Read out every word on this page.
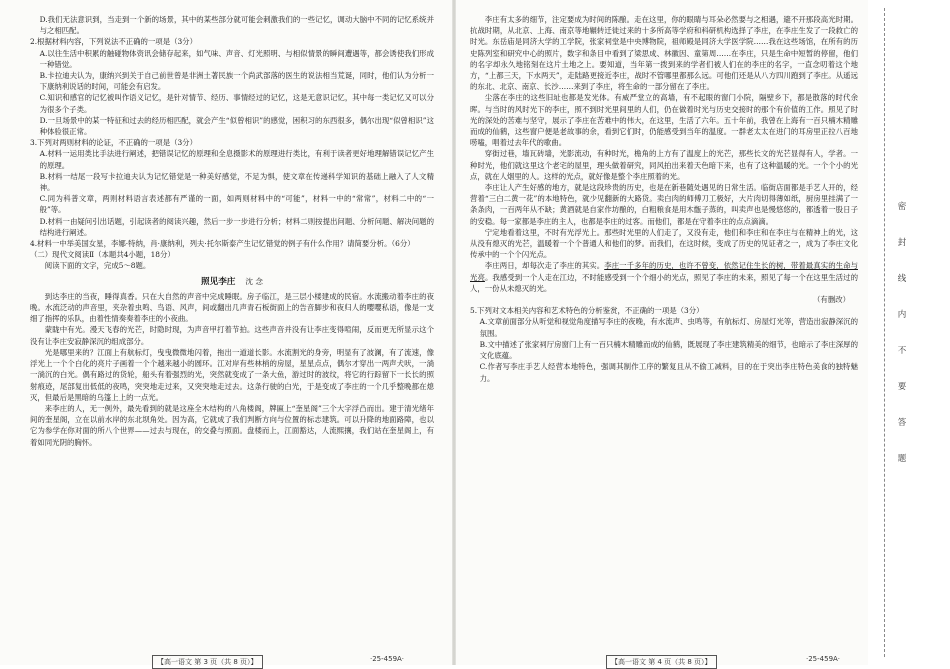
D.我们无法意识到，当走到一个新的场景，其中的某些部分就可能会刺激我们的一些记忆，调动大脑中不同的记忆系统并与之相匹配。

2.根据材料内容，下列说法不正确的一项是（3分）

A.以往生活中积累的触碰物体资讯会储存起来，如气味、声音、灯光照明、与相似情景的瞬间遭遇等，都会诱使我们形成一种错觉。

B.卡拉迪夫认为，康纳兴到关于自己前世曾是非洲土著民族一个尚武部落的医生的说法相当荒诞，同时，他们认为分析一下康纳利说话的时间，可能会有启发。

C.知识和感官的记忆被叫作语义记忆，是针对情节、经历、事情经过的记忆，这是无意识记忆，其中每一类记忆又可以分为很多个子类。

D.一旦场景中的某一特征和过去的经历相匹配，就会产生“似曾相识”的感觉，困积习的东西很多，偶尔出现“似曾相识”这种体验很正常。

3.下列对两则材料的论证，不正确的一项是（3分）

A.材料一运用类比手法进行阐述，把错误记忆的原理和全息摄影术的原理进行类比，有利于读者更好地理解错误记忆产生的原理。

B.材料一结尾一段写卡拉迪夫认为记忆错觉是一种美好感觉，不足为惧，使文章在传递科学知识的基础上融入了人文精神。

C.同为科普文章，两则材料语言表述都有严谨的一面，如两则材料中的“可能”，材料一中的“常常”，材料二中的“一般”等。

D.材料一由疑问引出话题，引起读者的阅读兴趣，然后一步一步进行分析；材料二则按提出问题、分析问题、解决问题的结构进行阐述。

4.材料一中举美国女星，李娜·特纳，肖·康纳利，列夫·托尔斯泰产生记忆错觉的例子有什么作用？请简要分析。（6分）

（二）现代文阅读Ⅱ（本题共4小题，18分）

阅读下面的文字，完成5～8题。

照见李庄 沈 念

到达李庄的当夜，睡得真香。只在大自然的声音中完成睡眠。房子临江，是三层小楼建成的民宿。水流搬动着李庄的夜晚。水流泛动的声音里，夹杂着虫鸣、鸟语、风声，间或翻出几声青石板街面上的告音脚步和夜归人的嘤嘤私语，像是一支细了指挥的乐队，由着性情奏奏着李庄的小夜曲。

蒙眬中有光。漫天飞春的光芒，时隐时现，为声音甲打着节拍。这些声音并没有让李庄变得喧闹，反而更无所显示这个没有让李庄安寂静深沉的组成部分。

光是哪里来的？江面上有航标灯，曳曳微微地闪着，拖出一道道长影。水流割光的身旁，明显有了波澜，有了流速，像浮光上一个个白化的亮片子画着一个个越来越小的圆环。江对岸有些林梢的房屋，星星点点，偶尔才穿出一两声犬吠，一淌一淌沉的白光。偶有路过的货轮，船头有着强烈的光，突然就变成了一条大鱼，游过时的波纹，将它的行踪留下一长长的照射痕迹，尾部复出低低的夜鸣，突突地走过来，又突突地走过去。这条行驶的白光，于是变成了李庄的一个几乎整晚都在熄灭，但最后是黑暗的乌篷上上的一点光。

来李庄的人，无一例外，最先看到的就是这座全木结构的八角楼阁，牌匾上“奎星阁”三个大字浮凸而出。建于清光绪年间的奎星阁，立在以前水岸的东北坝角处。因为高，它就成了我们判断方向与位置的标志建筑。可以升降的地面路障，也以它为参学在你对面的所八个世界——过去与现在，的交叠与照面。盘楼而上，江面豁达，人流熙攘，我们站在奎星阁上，有着如同光阴的胸怀。

【高一语文 第 3 页（共 8 页）】	·25-459A·

李庄有太多的细节，注定要成为时间的陈酿。走在这里，你的眼睛与耳朵必然要与之相遇，避不开那段高光时期。抗战时期，从北京、上海、南京等地辗转迁徙过来的十多所高等学府和科研机构选择了李庄，在李庄生发了一段救亡的时光。东岳庙是同济大学的工学院，张家祠堂是中央博物院，祖师殿是同济大学医学院……我在这些场馆，在所有的历史陈列室和研究中心的照片，数字和条目中看到了梁思成、林徽因、童第周……在李庄，只是生命中短暂的停留，他们的名字却永久地铭刻在这片土地之上。要知道，当年第一拨到来的学者们被人们在的李庄的名字，一直念叨着这个地方，“上都三天，下水两天”，走陆路更接近李庄，战时不管哪里都那么远。可他们还是从八方四川跑到了李庄。从遥远的东北、北京、南京、长沙……来到了李庄，将生命的一部分留在了李庄。

尘落在李庄的这些旧址也都是发光体。有威严堂立的高墙，有不起眼的窗门小院，隔壁乡下，都是散落的时代余晖。与当时的风时光下的李庄，照不到时光里间里的人们，仍在做着时光与历史交接时的那个有价值的工作。照见了时光的深处的苦难与坚守，展示了李庄在苦难中的伟大，在这里，生活了六年。五十年前，我曾在上海有一百只楠木精雕而成的仙鹤，这些窗户便是老故事的余，看到它们时，仍能感受到当年的温度。一群老太太在进门的耳房里正拉八百地唠嗑，唱着过去年代的歌曲。

穿街过巷，墙瓦砖墙，光影流动，有种时光，檐角的上方有了温度上的光芒，那些长文的光芒显得有人，学者。一种时光，他们就这里这个老宅的屋里，理头做着研究，同风拍出来着天色暗下来，也有了这种温暖的光。一个个小的光点，就在人烟里的人。这样的光点，就好像是整个李庄照着的光。

李庄让人产生好感的地方，就是这段珍贵的历史，也是在新巷随处遇见的日常生活。临街店面都是手艺人开的，经营着“三白二黄一花”的本地特色，就少见翻新的大路货。卖白肉的师傅刀工极好，大片肉切得薄如纸，厨房里挂满了一条条肉，一百两年从不缺；黄酒就是自家作坊酿的，白粗粮食是用木甑子蒸的，叫卖声也是慢悠悠的，都透着一股日子的安稳。每一家都是李庄的主人，也都是李庄的过客。而他们，都是在守着李庄的点点滴滴。

宁定地看着这里，不时有光浮光上。那些时光里的人们走了，又没有走，他们和李庄和在李庄与在精神上的光，这从没有熄灭的光芒，温暖着一个个普通人和他们的梦。而我们，在这时候，变成了历史的见证者之一，成为了李庄文化传承中的一个个闪光点。

李庄两日，却每次走了李庄的其实。李庄一千多年的历史，也许不曾变，依然记住生长的树，带着最真实的生命与光亮。我感受到一个人走在江边，不时能感受到一个个细小的光点，照见了李庄的未来，照见了每一个在这里生活过的人，一份从未熄灭的光。

（有删改）

5.下列对文本相关内容和艺术特色的分析鉴赏，不正确的一项是（3分）

A.文章前面部分从听觉和视觉角度描写李庄的夜晚，有水流声、虫鸣等，有航标灯、房屋灯光等，营造出寂静深沉的氛围。

B.文中描述了张家祠厅房窗门上有一百只楠木精雕而成的仙鹤，既展现了李庄建筑精美的细节，也暗示了李庄深厚的文化底蕴。

C.作者写李庄手艺人经营本地特色，强调其制作工序的繁复且从不偷工减料，目的在于突出李庄特色美食的独特魅力。

【高一语文 第 4 页（共 8 页）】	·25-459A·
密
封
线
内
不
要
答
题
